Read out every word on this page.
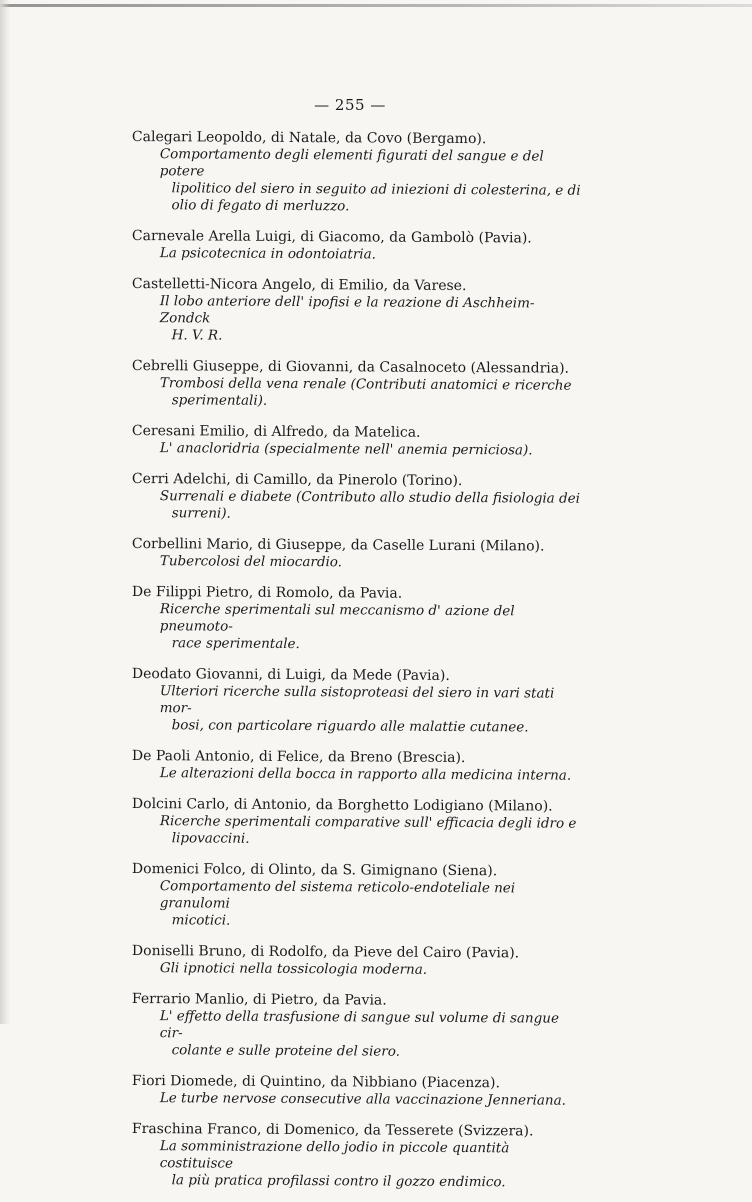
— 255 —
Calegari Leopoldo, di Natale, da Covo (Bergamo).
Comportamento degli elementi figurati del sangue e del potere
lipolitico del siero in seguito ad iniezioni di colesterina, e di
olio di fegato di merluzzo.
Carnevale Arella Luigi, di Giacomo, da Gambolò (Pavia).
La psicotecnica in odontoiatria.
Castelletti-Nicora Angelo, di Emilio, da Varese.
Il lobo anteriore dell' ipofisi e la reazione di Aschheim-Zondck
H. V. R.
Cebrelli Giuseppe, di Giovanni, da Casalnoceto (Alessandria).
Trombosi della vena renale (Contributi anatomici e ricerche
sperimentali).
Ceresani Emilio, di Alfredo, da Matelica.
L' anacloridria (specialmente nell' anemia perniciosa).
Cerri Adelchi, di Camillo, da Pinerolo (Torino).
Surrenali e diabete (Contributo allo studio della fisiologia dei
surreni).
Corbellini Mario, di Giuseppe, da Caselle Lurani (Milano).
Tubercolosi del miocardio.
De Filippi Pietro, di Romolo, da Pavia.
Ricerche sperimentali sul meccanismo d' azione del pneumoto-
race sperimentale.
Deodato Giovanni, di Luigi, da Mede (Pavia).
Ulteriori ricerche sulla sistoproteasi del siero in vari stati mor-
bosi, con particolare riguardo alle malattie cutanee.
De Paoli Antonio, di Felice, da Breno (Brescia).
Le alterazioni della bocca in rapporto alla medicina interna.
Dolcini Carlo, di Antonio, da Borghetto Lodigiano (Milano).
Ricerche sperimentali comparative sull' efficacia degli idro e
lipovaccini.
Domenici Folco, di Olinto, da S. Gimignano (Siena).
Comportamento del sistema reticolo-endoteliale nei granulomi
micotici.
Doniselli Bruno, di Rodolfo, da Pieve del Cairo (Pavia).
Gli ipnotici nella tossicologia moderna.
Ferrario Manlio, di Pietro, da Pavia.
L' effetto della trasfusione di sangue sul volume di sangue cir-
colante e sulle proteine del siero.
Fiori Diomede, di Quintino, da Nibbiano (Piacenza).
Le turbe nervose consecutive alla vaccinazione Jenneriana.
Fraschina Franco, di Domenico, da Tesserete (Svizzera).
La somministrazione dello jodio in piccole quantità costituisce
la più pratica profilassi contro il gozzo endimico.
